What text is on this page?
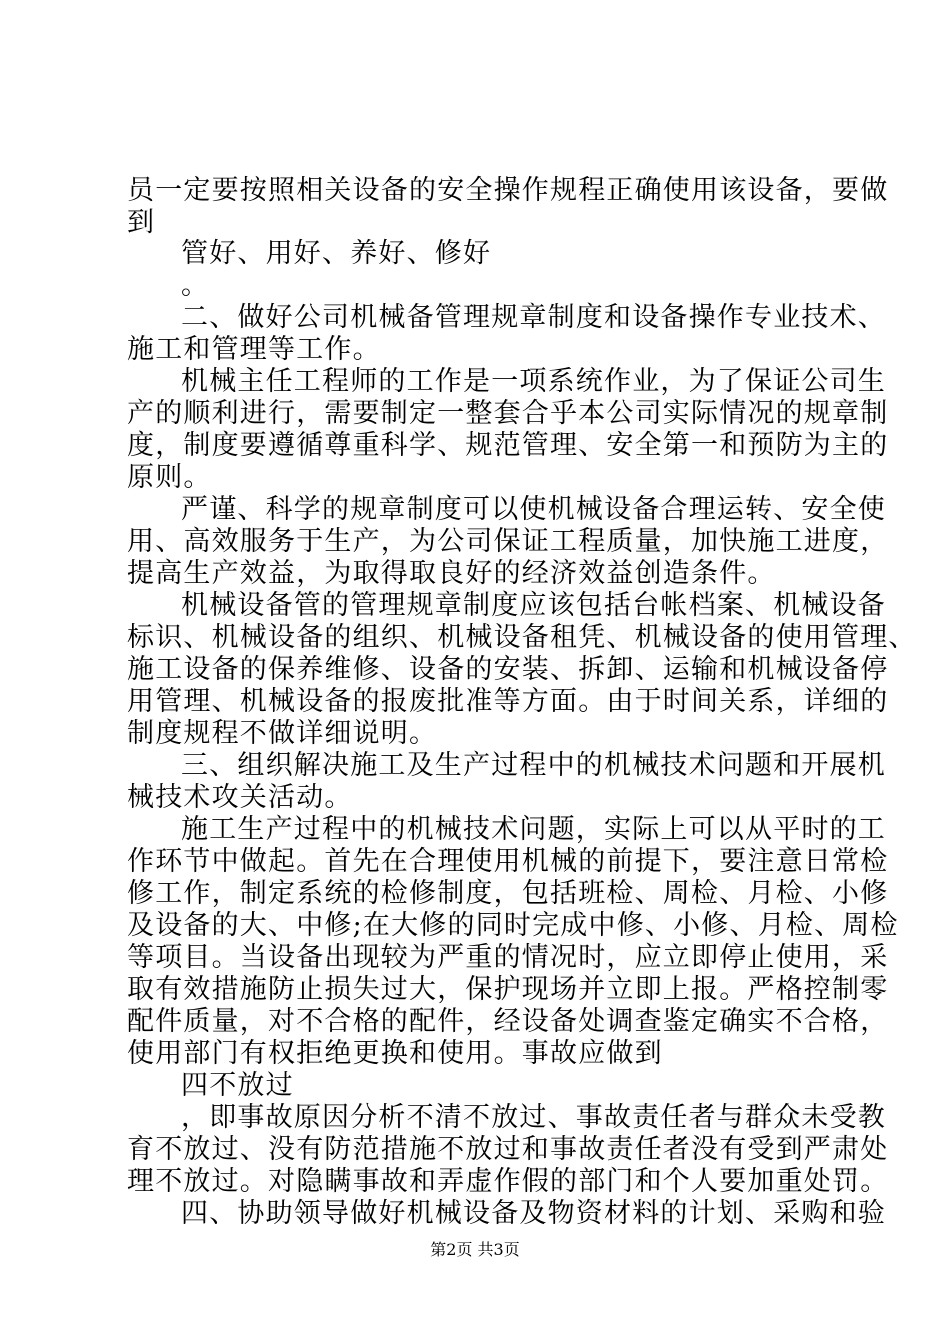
员一定要按照相关设备的安全操作规程正确使用该设备，要做
到
管好、用好、养好、修好
。
二、做好公司机械备管理规章制度和设备操作专业技术、
施工和管理等工作。
机械主任工程师的工作是一项系统作业，为了保证公司生
产的顺利进行，需要制定一整套合乎本公司实际情况的规章制
度，制度要遵循尊重科学、规范管理、安全第一和预防为主的
原则。
严谨、科学的规章制度可以使机械设备合理运转、安全使
用、高效服务于生产，为公司保证工程质量，加快施工进度，
提高生产效益，为取得取良好的经济效益创造条件。
机械设备管的管理规章制度应该包括台帐档案、机械设备
标识、机械设备的组织、机械设备租凭、机械设备的使用管理、
施工设备的保养维修、设备的安装、拆卸、运输和机械设备停
用管理、机械设备的报废批准等方面。由于时间关系，详细的
制度规程不做详细说明。
三、组织解决施工及生产过程中的机械技术问题和开展机
械技术攻关活动。
施工生产过程中的机械技术问题，实际上可以从平时的工
作环节中做起。首先在合理使用机械的前提下，要注意日常检
修工作，制定系统的检修制度，包括班检、周检、月检、小修
及设备的大、中修;在大修的同时完成中修、小修、月检、周检
等项目。当设备出现较为严重的情况时，应立即停止使用，采
取有效措施防止损失过大，保护现场并立即上报。严格控制零
配件质量，对不合格的配件，经设备处调查鉴定确实不合格，
使用部门有权拒绝更换和使用。事故应做到
四不放过
，即事故原因分析不清不放过、事故责任者与群众未受教
育不放过、没有防范措施不放过和事故责任者没有受到严肃处
理不放过。对隐瞒事故和弄虚作假的部门和个人要加重处罚。
四、协助领导做好机械设备及物资材料的计划、采购和验
第2页 共3页
